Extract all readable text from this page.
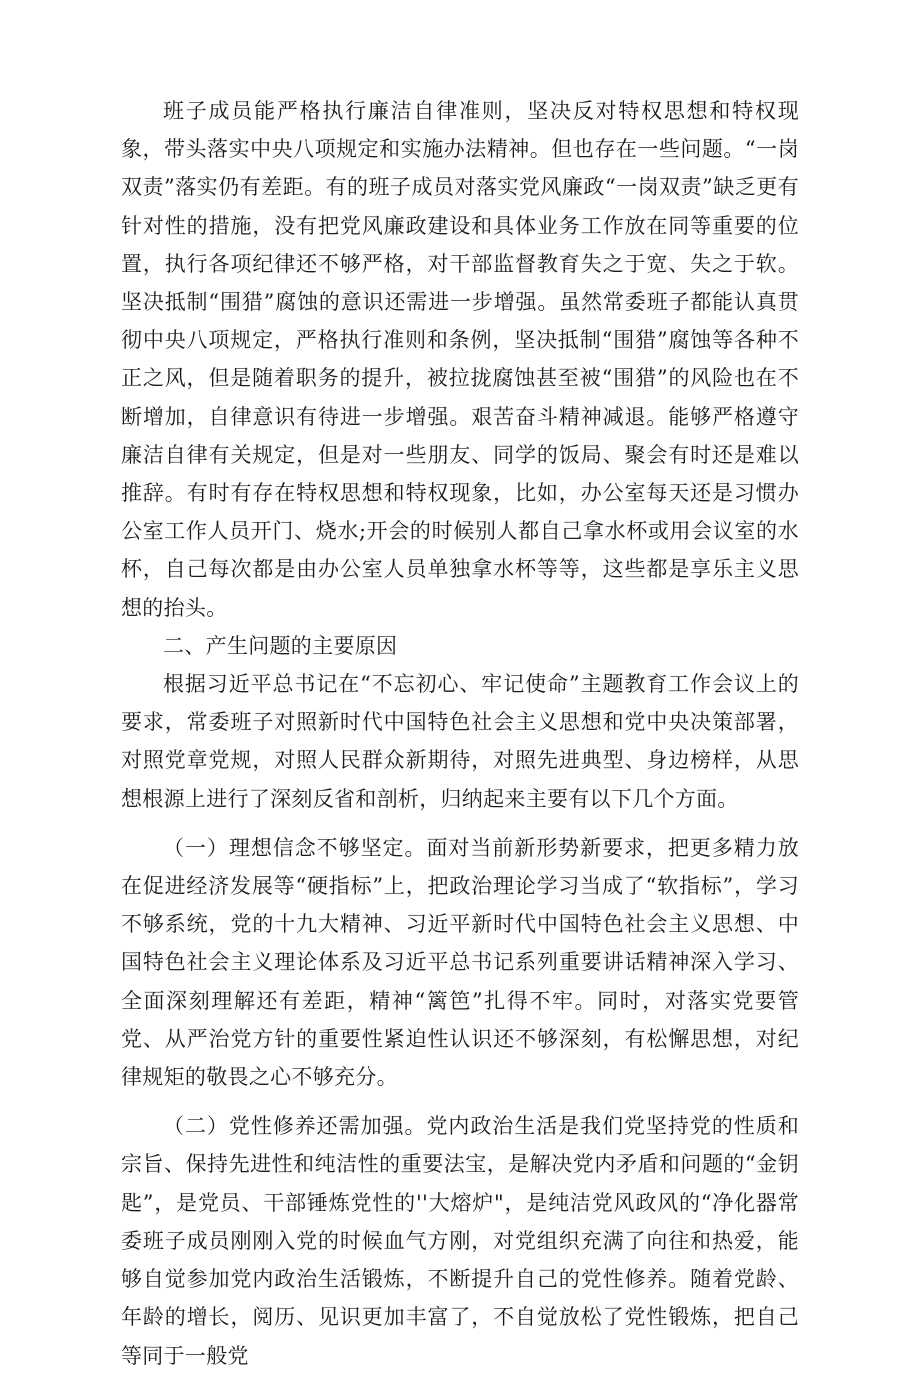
班子成员能严格执行廉洁自律准则，坚决反对特权思想和特权现象，带头落实中央八项规定和实施办法精神。但也存在一些问题。“一岗双责”落实仍有差距。有的班子成员对落实党风廉政“一岗双责”缺乏更有针对性的措施，没有把党风廉政建设和具体业务工作放在同等重要的位置，执行各项纪律还不够严格，对干部监督教育失之于宽、失之于软。坚决抵制“围猎”腐蚀的意识还需进一步增强。虽然常委班子都能认真贯彻中央八项规定，严格执行准则和条例，坚决抵制“围猎”腐蚀等各种不正之风，但是随着职务的提升，被拉拢腐蚀甚至被“围猎”的风险也在不断增加，自律意识有待进一步增强。艰苦奋斗精神减退。能够严格遵守廉洁自律有关规定，但是对一些朋友、同学的饭局、聚会有时还是难以推辞。有时有存在特权思想和特权现象，比如，办公室每天还是习惯办公室工作人员开门、烧水;开会的时候别人都自己拿水杯或用会议室的水杯，自己每次都是由办公室人员单独拿水杯等等，这些都是享乐主义思想的抬头。

二、产生问题的主要原因

根据习近平总书记在“不忘初心、牢记使命”主题教育工作会议上的要求，常委班子对照新时代中国特色社会主义思想和党中央决策部署，对照党章党规，对照人民群众新期待，对照先进典型、身边榜样，从思想根源上进行了深刻反省和剖析，归纳起来主要有以下几个方面。

（一）理想信念不够坚定。面对当前新形势新要求，把更多精力放在促进经济发展等“硬指标”上，把政治理论学习当成了“软指标”，学习不够系统，党的十九大精神、习近平新时代中国特色社会主义思想、中国特色社会主义理论体系及习近平总书记系列重要讲话精神深入学习、全面深刻理解还有差距，精神“篱笆”扎得不牢。同时，对落实党要管党、从严治党方针的重要性紧迫性认识还不够深刻，有松懈思想，对纪律规矩的敬畏之心不够充分。

（二）党性修养还需加强。党内政治生活是我们党坚持党的性质和宗旨、保持先进性和纯洁性的重要法宝，是解决党内矛盾和问题的“金钥匙”，是党员、干部锤炼党性的''大熔炉"，是纯洁党风政风的“净化器常委班子成员刚刚入党的时候血气方刚，对党组织充满了向往和热爱，能够自觉参加党内政治生活锻炼，不断提升自己的党性修养。随着党龄、年龄的增长，阅历、见识更加丰富了，不自觉放松了党性锻炼，把自己等同于一般党
